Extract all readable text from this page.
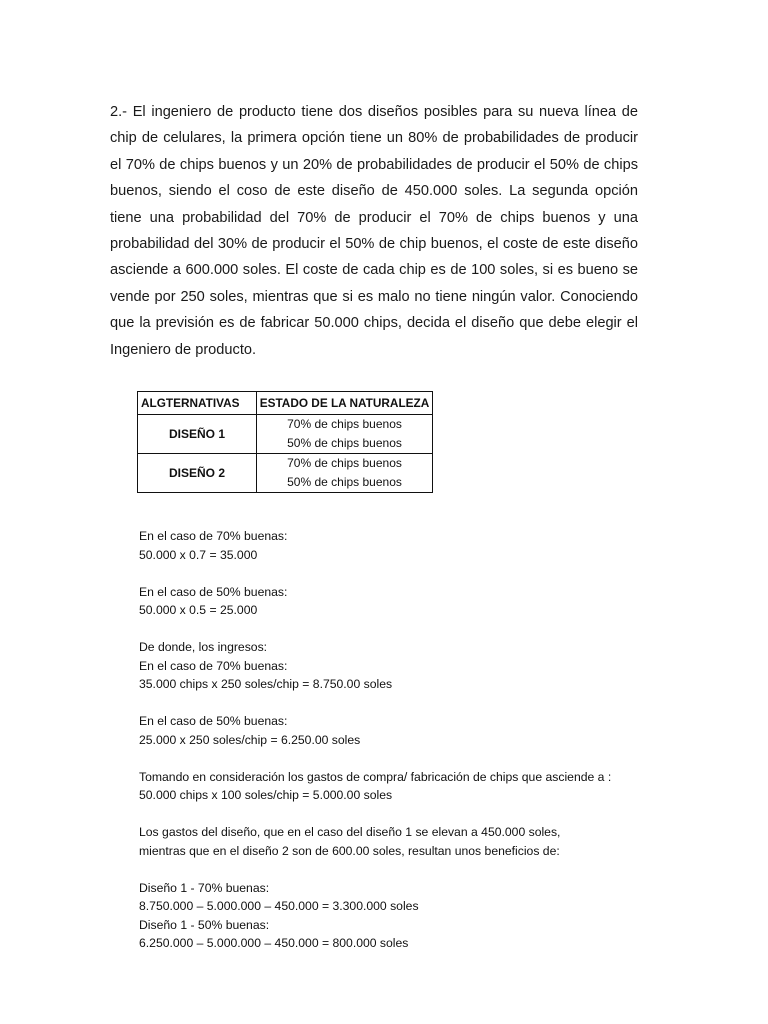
2.- El ingeniero de producto tiene dos diseños posibles para su nueva línea de chip de celulares, la primera opción tiene un 80% de probabilidades de producir el 70% de chips buenos y un 20% de probabilidades de producir el 50% de chips buenos, siendo el coso de este diseño de 450.000 soles. La segunda opción tiene una probabilidad del 70% de producir el 70% de chips buenos y una probabilidad del 30% de producir el 50% de chip buenos, el coste de este diseño asciende a 600.000 soles. El coste de cada chip es de 100 soles, si es bueno se vende por 250 soles, mientras que si es malo no tiene ningún valor. Conociendo que la previsión es de fabricar 50.000 chips, decida el diseño que debe elegir el Ingeniero de producto.

ALGTERNATIVAS	ESTADO DE LA NATURALEZA
DISEÑO 1	70% de chips buenos
50% de chips buenos

DISEÑO 2	70% de chips buenos
50% de chips buenos

En el caso de 70% buenas:
50.000 x 0.7 = 35.000

En el caso de 50% buenas:
50.000 x 0.5 = 25.000

De donde, los ingresos:
En el caso de 70% buenas:
35.000 chips x 250 soles/chip = 8.750.00 soles

En el caso de 50% buenas:
25.000 x 250 soles/chip = 6.250.00 soles

Tomando en consideración los gastos de compra/ fabricación de chips que asciende a :
50.000 chips x 100 soles/chip = 5.000.00 soles

Los gastos del diseño, que en el caso del diseño 1 se elevan a 450.000 soles,
mientras que en el diseño 2 son de 600.00 soles, resultan unos beneficios de:

Diseño 1 - 70% buenas:
8.750.000 – 5.000.000 – 450.000 = 3.300.000 soles
Diseño 1 - 50% buenas:
6.250.000 – 5.000.000 – 450.000 = 800.000 soles
